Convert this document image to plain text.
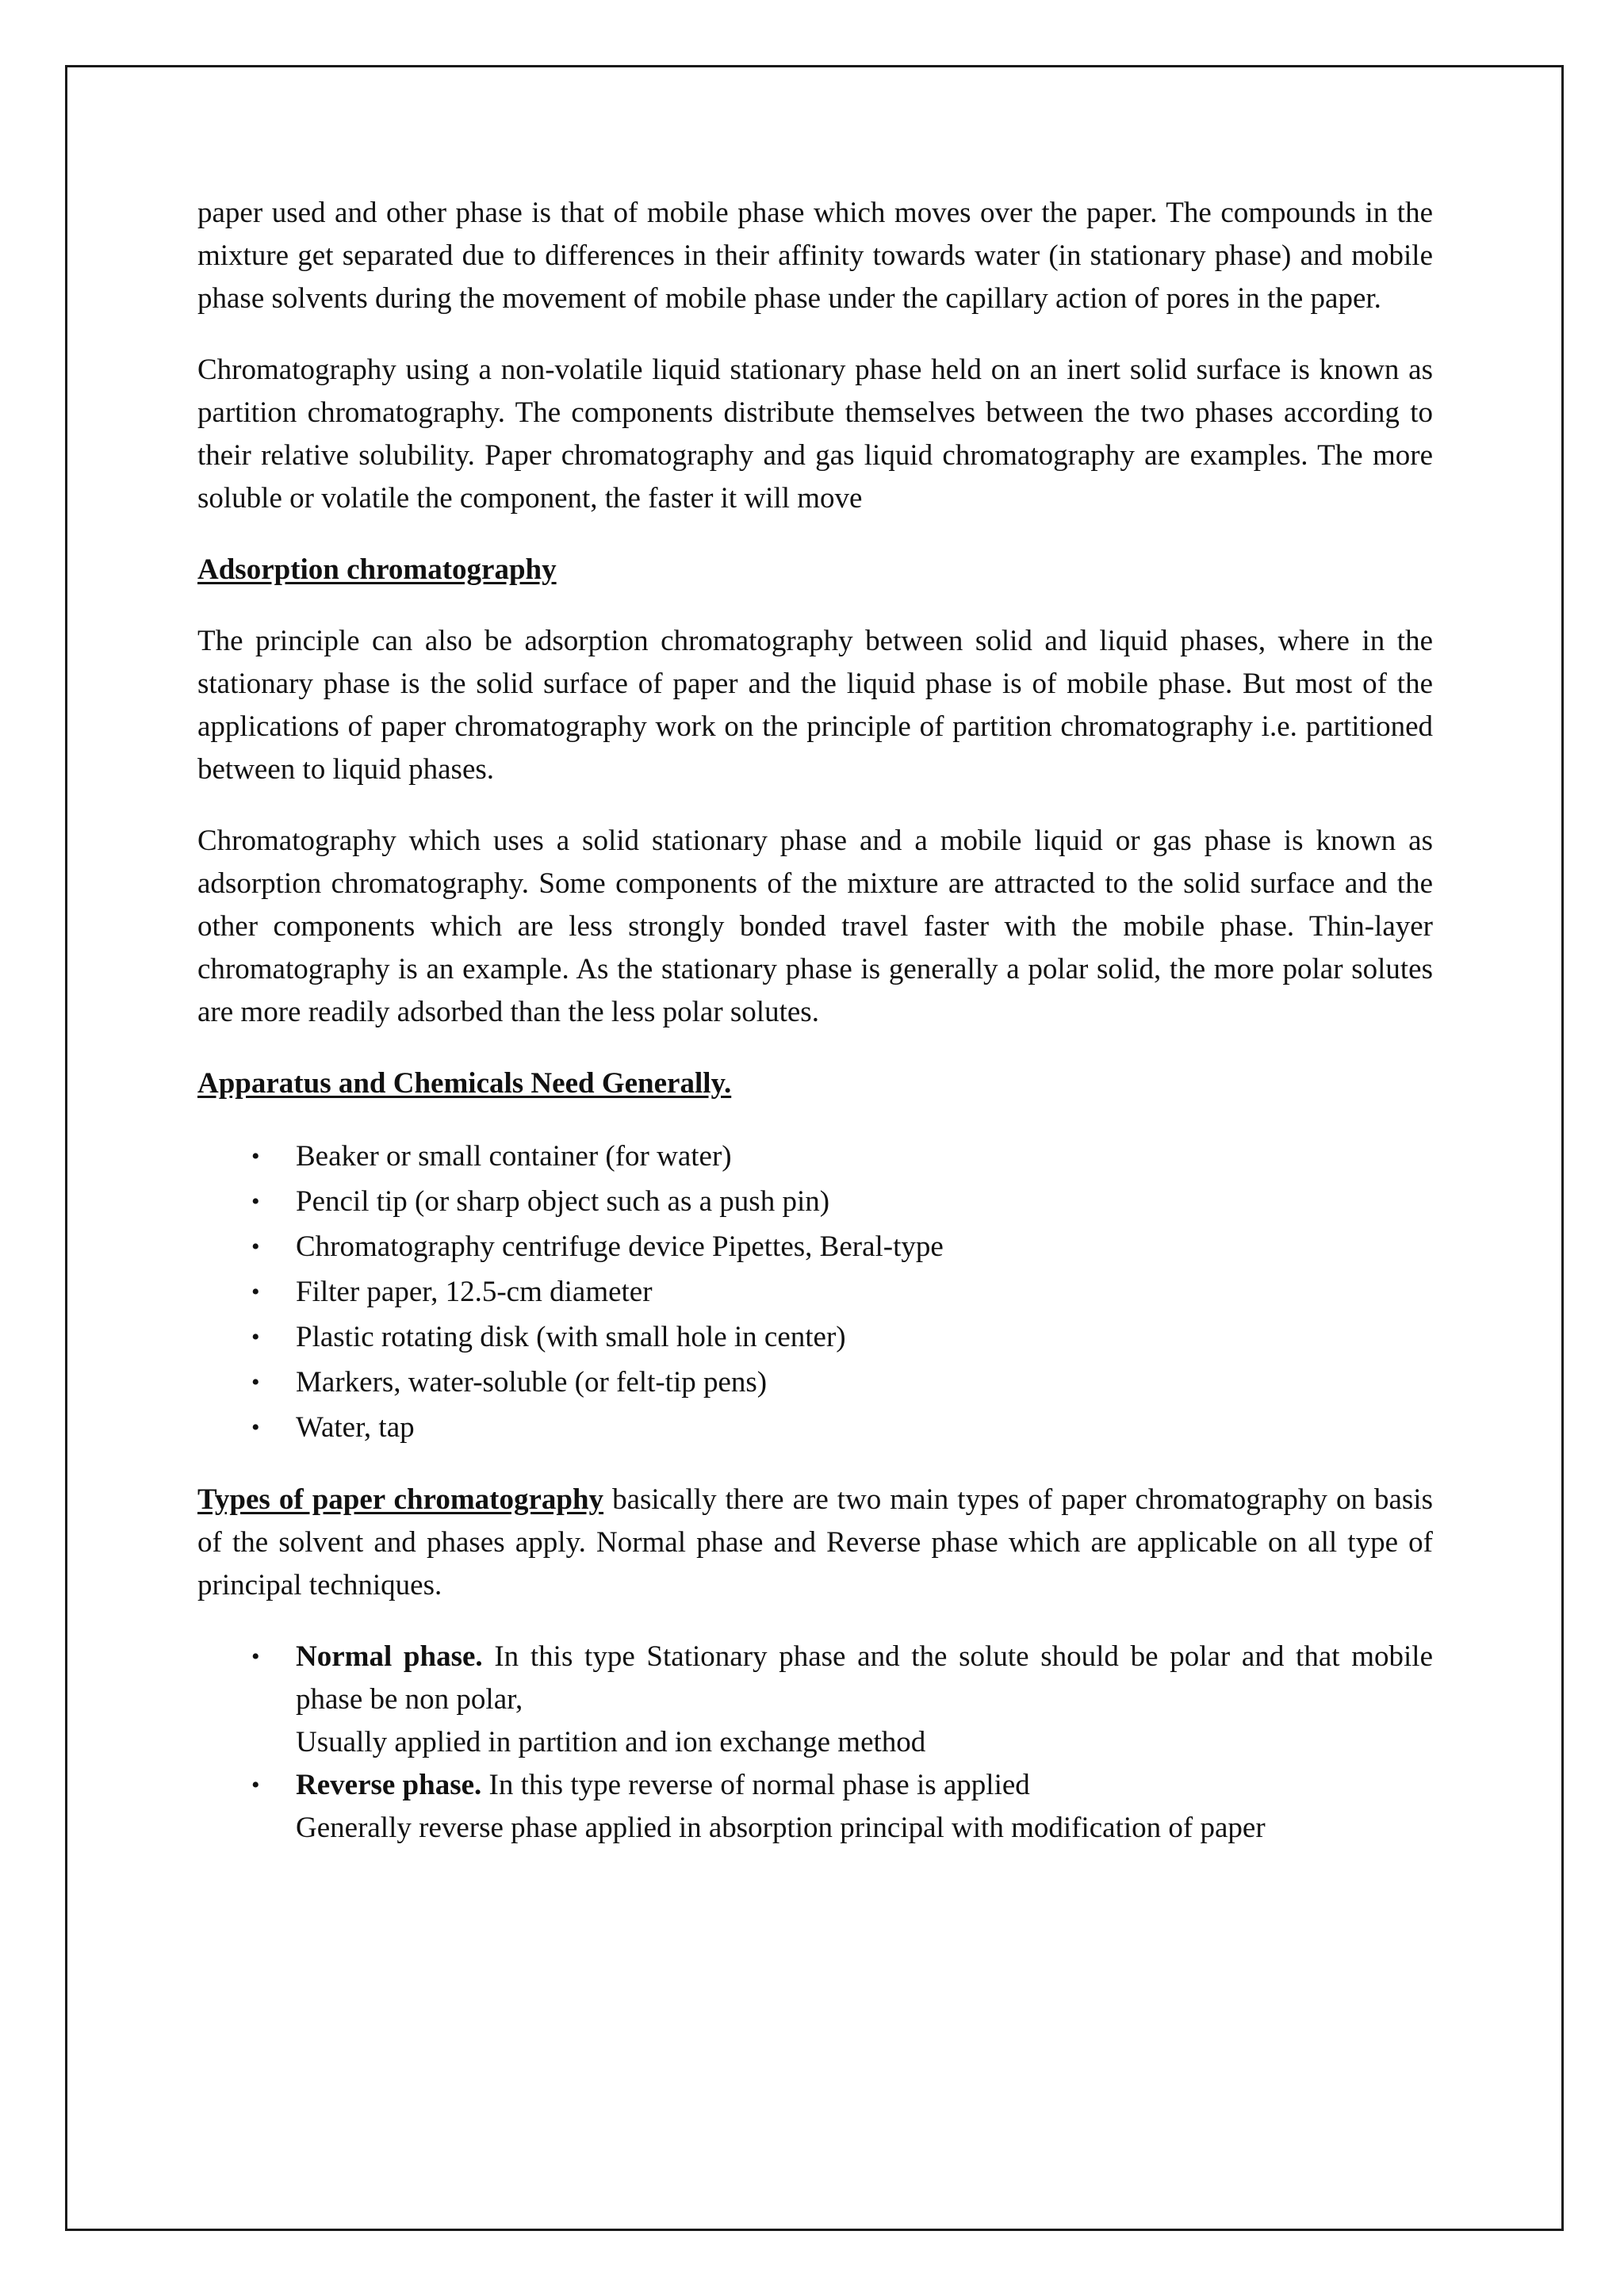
paper used and other phase is that of mobile phase which moves over the paper. The compounds in the mixture get separated due to differences in their affinity towards water (in stationary phase) and mobile phase solvents during the movement of mobile phase under the capillary action of pores in the paper.

Chromatography using a non-volatile liquid stationary phase held on an inert solid surface is known as partition chromatography. The components distribute themselves between the two phases according to their relative solubility. Paper chromatography and gas liquid chromatography are examples. The more soluble or volatile the component, the faster it will move

Adsorption chromatography

The principle can also be adsorption chromatography between solid and liquid phases, where in the stationary phase is the solid surface of paper and the liquid phase is of mobile phase. But most of the applications of paper chromatography work on the principle of partition chromatography i.e. partitioned between to liquid phases.

Chromatography which uses a solid stationary phase and a mobile liquid or gas phase is known as adsorption chromatography. Some components of the mixture are attracted to the solid surface and the other components which are less strongly bonded travel faster with the mobile phase. Thin-layer chromatography is an example. As the stationary phase is generally a polar solid, the more polar solutes are more readily adsorbed than the less polar solutes.

Apparatus and Chemicals Need Generally.
• Beaker or small container (for water)
• Pencil tip (or sharp object such as a push pin)
• Chromatography centrifuge device Pipettes, Beral-type
• Filter paper, 12.5-cm diameter
• Plastic rotating disk (with small hole in center)
• Markers, water-soluble (or felt-tip pens)
• Water, tap

Types of paper chromatography basically there are two main types of paper chromatography on basis of the solvent and phases apply. Normal phase and Reverse phase which are applicable on all type of principal techniques.

• Normal phase. In this type Stationary phase and the solute should be polar and that mobile phase be non polar,
Usually applied in partition and ion exchange method
• Reverse phase. In this type reverse of normal phase is applied
Generally reverse phase applied in absorption principal with modification of paper
